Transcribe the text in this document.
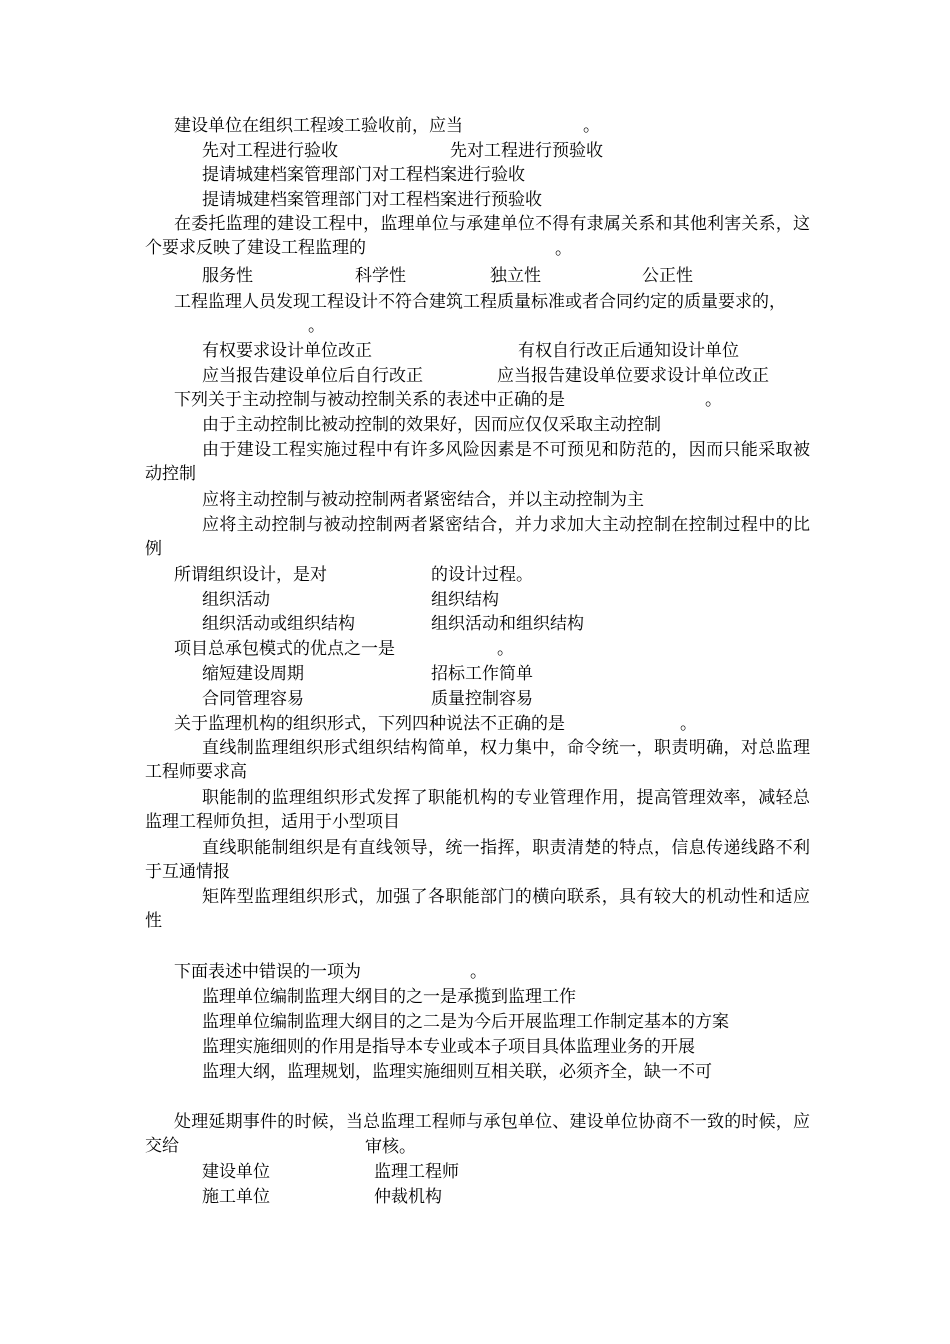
建设单位在组织工程竣工验收前，应当	。
先对工程进行验收	先对工程进行预验收
提请城建档案管理部门对工程档案进行验收
提请城建档案管理部门对工程档案进行预验收
在委托监理的建设工程中，监理单位与承建单位不得有隶属关系和其他利害关系，这个要求反映了建设工程监理的	。
服务性	科学性	独立性	公正性
工程监理人员发现工程设计不符合建筑工程质量标准或者合同约定的质量要求的，
。
有权要求设计单位改正	有权自行改正后通知设计单位
应当报告建设单位后自行改正	应当报告建设单位要求设计单位改正
下列关于主动控制与被动控制关系的表述中正确的是	。
由于主动控制比被动控制的效果好，因而应仅仅采取主动控制
由于建设工程实施过程中有许多风险因素是不可预见和防范的，因而只能采取被动控制
应将主动控制与被动控制两者紧密结合，并以主动控制为主
应将主动控制与被动控制两者紧密结合，并力求加大主动控制在控制过程中的比例
所谓组织设计，是对	的设计过程。
组织活动	组织结构
组织活动或组织结构	组织活动和组织结构
项目总承包模式的优点之一是	。
缩短建设周期	招标工作简单
合同管理容易	质量控制容易
关于监理机构的组织形式，下列四种说法不正确的是	。
直线制监理组织形式组织结构简单，权力集中，命令统一，职责明确，对总监理工程师要求高
职能制的监理组织形式发挥了职能机构的专业管理作用，提高管理效率，减轻总监理工程师负担，适用于小型项目
直线职能制组织是有直线领导，统一指挥，职责清楚的特点，信息传递线路不利于互通情报
矩阵型监理组织形式，加强了各职能部门的横向联系，具有较大的机动性和适应性
下面表述中错误的一项为	。
监理单位编制监理大纲目的之一是承揽到监理工作
监理单位编制监理大纲目的之二是为今后开展监理工作制定基本的方案
监理实施细则的作用是指导本专业或本子项目具体监理业务的开展
监理大纲，监理规划，监理实施细则互相关联，必须齐全，缺一不可
处理延期事件的时候，当总监理工程师与承包单位、建设单位协商不一致的时候，应交给	审核。
建设单位	监理工程师
施工单位	仲裁机构
